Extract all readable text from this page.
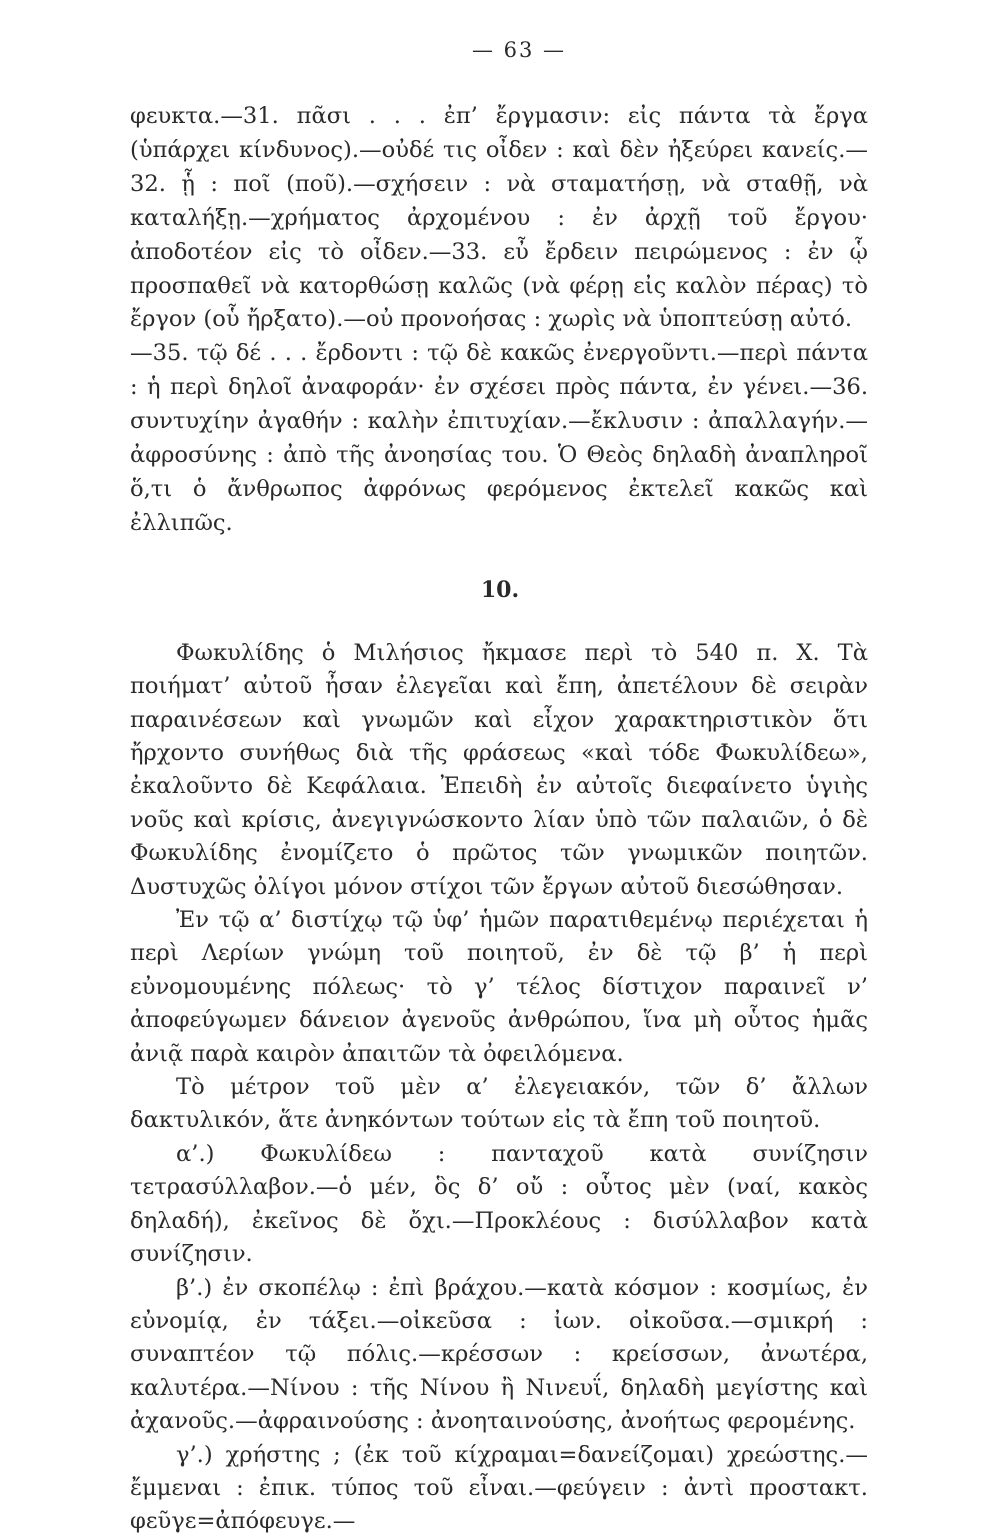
— 63 —

φευκτα.—31. πᾶσι . . . ἐπ’ ἔργμασιν: εἰς πάντα τὰ ἔργα (ὑπάρχει κίνδυνος).—οὐδέ τις οἶδεν : καὶ δὲν ἠξεύρει κανείς.—32. ᾗ : ποῖ (ποῦ).—σχήσειν : νὰ σταματήσῃ, νὰ σταθῇ, νὰ καταλήξῃ.—χρήματος ἀρχομένου : ἐν ἀρχῇ τοῦ ἔργου· ἀποδοτέον εἰς τὸ οἶδεν.—33. εὖ ἔρδειν πειρώμενος : ἐν ᾧ προσπαθεῖ νὰ κατορθώσῃ καλῶς (νὰ φέρῃ εἰς καλὸν πέρας) τὸ ἔργον (οὗ ἤρξατο).—οὐ προνοήσας : χωρὶς νὰ ὑποπτεύσῃ αὐτό.

—35. τῷ δέ . . . ἔρδοντι : τῷ δὲ κακῶς ἐνεργοῦντι.—περὶ πάντα : ἡ περὶ δηλοῖ ἀναφοράν· ἐν σχέσει πρὸς πάντα, ἐν γένει.—36. συντυχίην ἀγαθήν : καλὴν ἐπιτυχίαν.—ἔκλυσιν : ἀπαλλαγήν.—ἀφροσύνης : ἀπὸ τῆς ἀνοησίας του. Ὁ Θεὸς δηλαδὴ ἀναπληροῖ ὅ,τι ὁ ἄνθρωπος ἀφρόνως φερόμενος ἐκτελεῖ κακῶς καὶ ἐλλιπῶς.

10.

Φωκυλίδης ὁ Μιλήσιος ἤκμασε περὶ τὸ 540 π. Χ. Τὰ ποιήματ’ αὐτοῦ ἦσαν ἐλεγεῖαι καὶ ἔπη, ἀπετέλουν δὲ σειρὰν παραινέσεων καὶ γνωμῶν καὶ εἶχον χαρακτηριστικὸν ὅτι ἤρχοντο συνήθως διὰ τῆς φράσεως «καὶ τόδε Φωκυλίδεω», ἐκαλοῦντο δὲ Κεφάλαια. Ἐπειδὴ ἐν αὐτοῖς διεφαίνετο ὑγιὴς νοῦς καὶ κρίσις, ἀνεγιγνώσκοντο λίαν ὑπὸ τῶν παλαιῶν, ὁ δὲ Φωκυλίδης ἐνομίζετο ὁ πρῶτος τῶν γνωμικῶν ποιητῶν. Δυστυχῶς ὀλίγοι μόνον στίχοι τῶν ἔργων αὐτοῦ διεσώθησαν.

Ἐν τῷ α’ διστίχῳ τῷ ὑφ’ ἡμῶν παρατιθεμένῳ περιέχεται ἡ περὶ Λερίων γνώμη τοῦ ποιητοῦ, ἐν δὲ τῷ β’ ἡ περὶ εὐνομουμένης πόλεως· τὸ γ’ τέλος δίστιχον παραινεῖ ν’ ἀποφεύγωμεν δάνειον ἀγενοῦς ἀνθρώπου, ἵνα μὴ οὗτος ἡμᾶς ἀνιᾷ παρὰ καιρὸν ἀπαιτῶν τὰ ὀφειλόμενα.

Τὸ μέτρον τοῦ μὲν α’ ἐλεγειακόν, τῶν δ’ ἄλλων δακτυλικόν, ἅτε ἀνηκόντων τούτων εἰς τὰ ἔπη τοῦ ποιητοῦ.

α’.) Φωκυλίδεω : πανταχοῦ κατὰ συνίζησιν τετρασύλλαβον.—ὁ μέν, ὃς δ’ οὔ : οὗτος μὲν (ναί, κακὸς δηλαδή), ἐκεῖνος δὲ ὄχι.—Προκλέους : δισύλλαβον κατὰ συνίζησιν.

β’.) ἐν σκοπέλῳ : ἐπὶ βράχου.—κατὰ κόσμον : κοσμίως, ἐν εὐνομίᾳ, ἐν τάξει.—οἰκεῦσα : ἰων. οἰκοῦσα.—σμικρή : συναπτέον τῷ πόλις.—κρέσσων : κρείσσων, ἀνωτέρα, καλυτέρα.—Νίνου : τῆς Νίνου ἢ Νινευΐ, δηλαδὴ μεγίστης καὶ ἀχανοῦς.—ἀφραινούσης : ἀνοηταινούσης, ἀνοήτως φερομένης.

γ’.) χρήστης ; (ἐκ τοῦ κίχραμαι=δανείζομαι) χρεώστης.—ἔμμεναι : ἐπικ. τύπος τοῦ εἶναι.—φεύγειν : ἀντὶ προστακτ. φεῦγε=ἀπόφευγε.—
